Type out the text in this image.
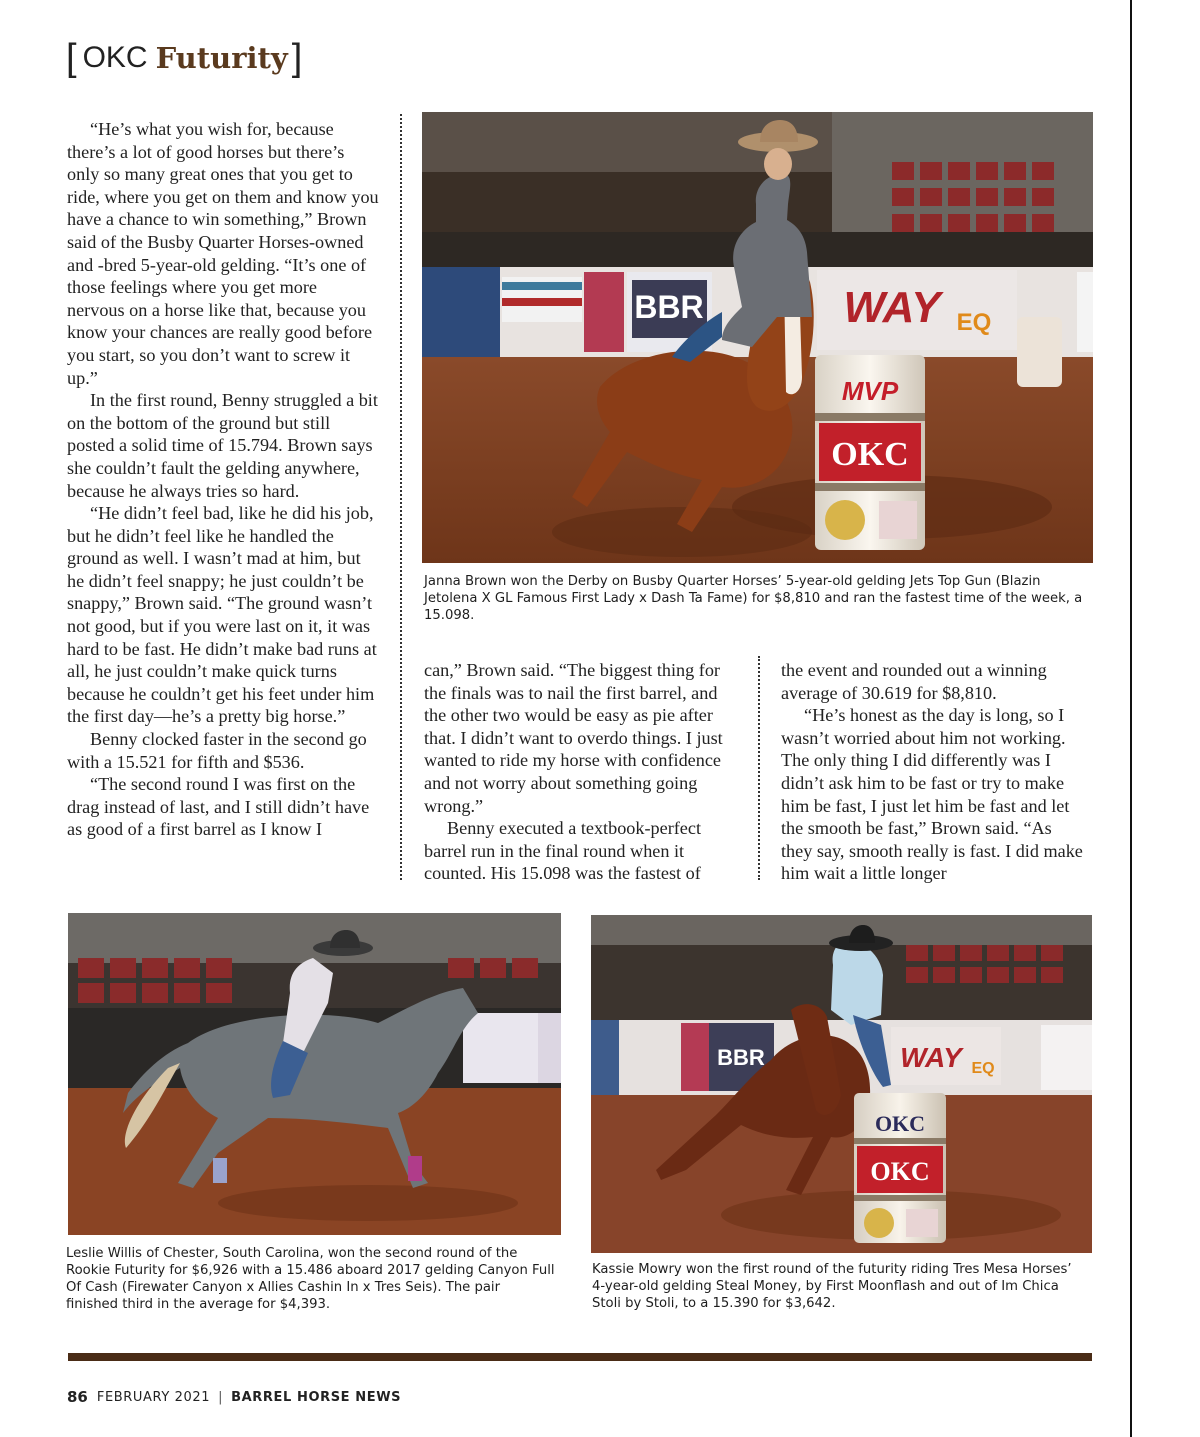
[ OKC Futurity ]

“He’s what you wish for, because there’s a lot of good horses but there’s only so many great ones that you get to ride, where you get on them and know you have a chance to win something,” Brown said of the Busby Quarter Horses-owned and -bred 5-year-old gelding. “It’s one of those feelings where you get more nervous on a horse like that, because you know your chances are really good before you start, so you don’t want to screw it up.”

In the first round, Benny struggled a bit on the bottom of the ground but still posted a solid time of 15.794. Brown says she couldn’t fault the gelding anywhere, because he always tries so hard.

“He didn’t feel bad, like he did his job, but he didn’t feel like he handled the ground as well. I wasn’t mad at him, but he didn’t feel snappy; he just couldn’t be snappy,” Brown said. “The ground wasn’t not good, but if you were last on it, it was hard to be fast. He didn’t make bad runs at all, he just couldn’t make quick turns because he couldn’t get his feet under him the first day—he’s a pretty big horse.”

Benny clocked faster in the second go with a 15.521 for fifth and $536.

“The second round I was first on the drag instead of last, and I still didn’t have as good of a first barrel as I know I

BBR	WAY EQ
MVP
OKC
Janna Brown won the Derby on Busby Quarter Horses’ 5-year-old gelding Jets Top Gun (Blazin Jetolena X GL Famous First Lady x Dash Ta Fame) for $8,810 and ran the fastest time of the week, a 15.098.

can,” Brown said. “The biggest thing for the finals was to nail the first barrel, and the other two would be easy as pie after that. I didn’t want to overdo things. I just wanted to ride my horse with confidence and not worry about something going wrong.”

Benny executed a textbook-perfect barrel run in the final round when it counted. His 15.098 was the fastest of

the event and rounded out a winning average of 30.619 for $8,810.

“He’s honest as the day is long, so I wasn’t worried about him not working. The only thing I did differently was I didn’t ask him to be fast or try to make him be fast, I just let him be fast and let the smooth be fast,” Brown said. “As they say, smooth really is fast. I did make him wait a little longer

Leslie Willis of Chester, South Carolina, won the second round of the Rookie Futurity for $6,926 with a 15.486 aboard 2017 gelding Canyon Full Of Cash (Firewater Canyon x Allies Cashin In x Tres Seis). The pair finished third in the average for $4,393.
BBR	WAY EQ
OKC
OKC
Kassie Mowry won the first round of the futurity riding Tres Mesa Horses’ 4-year-old gelding Steal Money, by First Moonflash and out of Im Chica Stoli by Stoli, to a 15.390 for $3,642.
86 FEBRUARY 2021 | BARREL HORSE NEWS
